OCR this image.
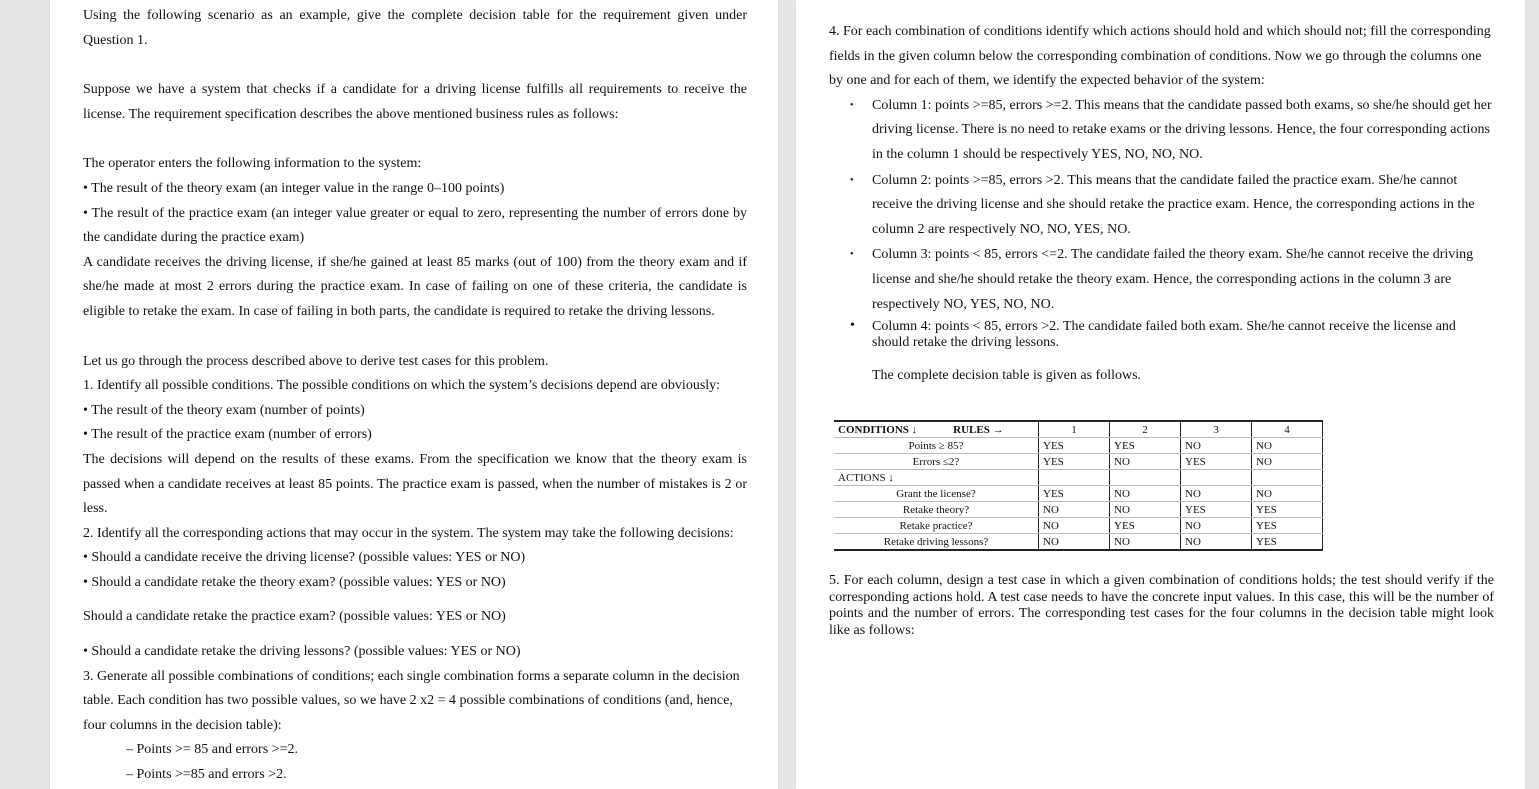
Using the following scenario as an example, give the complete decision table for the requirement given under Question 1.

Suppose we have a system that checks if a candidate for a driving license fulfills all requirements to receive the license. The requirement specification describes the above mentioned business rules as follows:

The operator enters the following information to the system:

• The result of the theory exam (an integer value in the range 0–100 points)

• The result of the practice exam (an integer value greater or equal to zero, representing the number of errors done by the candidate during the practice exam)

A candidate receives the driving license, if she/he gained at least 85 marks (out of 100) from the theory exam and if she/he made at most 2 errors during the practice exam. In case of failing on one of these criteria, the candidate is eligible to retake the exam. In case of failing in both parts, the candidate is required to retake the driving lessons.

Let us go through the process described above to derive test cases for this problem.

1. Identify all possible conditions. The possible conditions on which the system’s decisions depend are obviously:

• The result of the theory exam (number of points)

• The result of the practice exam (number of errors)

The decisions will depend on the results of these exams. From the specification we know that the theory exam is passed when a candidate receives at least 85 points. The practice exam is passed, when the number of mistakes is 2 or less.

2. Identify all the corresponding actions that may occur in the system. The system may take the following decisions:

• Should a candidate receive the driving license? (possible values: YES or NO)

• Should a candidate retake the theory exam? (possible values: YES or NO)

Should a candidate retake the practice exam? (possible values: YES or NO)

• Should a candidate retake the driving lessons? (possible values: YES or NO)

3. Generate all possible combinations of conditions; each single combination forms a separate column in the decision table. Each condition has two possible values, so we have 2 x2 = 4 possible combinations of conditions (and, hence, four columns in the decision table):

– Points >= 85 and errors >=2.

– Points >=85 and errors >2.

4. For each combination of conditions identify which actions should hold and which should not; fill the corresponding fields in the given column below the corresponding combination of conditions. Now we go through the columns one by one and for each of them, we identify the expected behavior of the system:

• Column 1: points >=85, errors >=2. This means that the candidate passed both exams, so she/he should get her driving license. There is no need to retake exams or the driving lessons. Hence, the four corresponding actions in the column 1 should be respectively YES, NO, NO, NO.
• Column 2: points >=85, errors >2. This means that the candidate failed the practice exam. She/he cannot receive the driving license and she should retake the practice exam. Hence, the corresponding actions in the column 2 are respectively NO, NO, YES, NO.
• Column 3: points < 85, errors <=2. The candidate failed the theory exam. She/he cannot receive the driving license and she/he should retake the theory exam. Hence, the corresponding actions in the column 3 are respectively NO, YES, NO, NO.
• Column 4: points < 85, errors >2. The candidate failed both exam. She/he cannot receive the license and should retake the driving lessons.

The complete decision table is given as follows.

CONDITIONS ↓ RULES →	1	2	3	4
Points ≥ 85?	YES	YES	NO	NO
Errors ≤2?	YES	NO	YES	NO
ACTIONS ↓				
Grant the license?	YES	NO	NO	NO
Retake theory?	NO	NO	YES	YES
Retake practice?	NO	YES	NO	YES
Retake driving lessons?	NO	NO	NO	YES

5. For each column, design a test case in which a given combination of conditions holds; the test should verify if the corresponding actions hold. A test case needs to have the concrete input values. In this case, this will be the number of points and the number of errors. The corresponding test cases for the four columns in the decision table might look like as follows:
